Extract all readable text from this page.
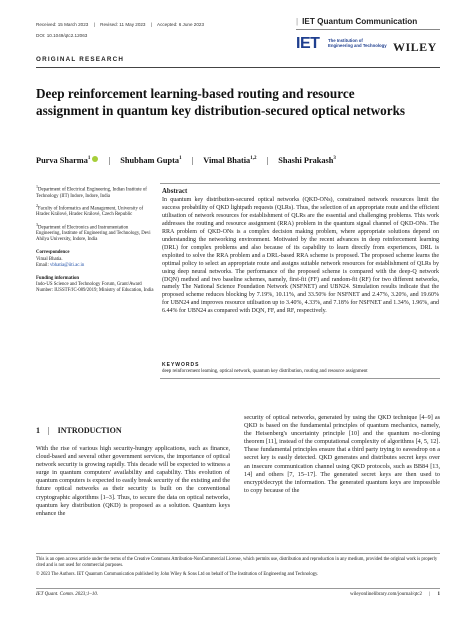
Received: 15 March 2023 | Revised: 11 May 2023 | Accepted: 6 June 2023
DOI: 10.1049/qtc2.12063
| IET Quantum Communication
IET The Institution of
Engineering and Technology WILEY
ORIGINAL RESEARCH
Deep reinforcement learning-based routing and resource assignment in quantum key distribution-secured optical networks
Purva Sharma$^1$ | Shubham Gupta$^1$ | Vimal Bhatia$^{1,2}$ | Shashi Prakash$^3$
$^1$Department of Electrical Engineering, Indian Institute of Technology (IIT) Indore, Indore, India
$^2$Faculty of Informatics and Management, University of Hradec Králové, Hradec Králové, Czech Republic
$^3$Department of Electronics and Instrumentation Engineering, Institute of Engineering and Technology, Devi Ahilya University, Indore, India
Correspondence
Vimal Bhatia.
Email: vbhatia@iiti.ac.in
Funding information
Indo-US Science and Technology Forum, Grant/Award Number: IUSSTF/JC-089/2019; Ministry of Education, India
Abstract
In quantum key distribution-secured optical networks (QKD-ONs), constrained network resources limit the success probability of QKD lightpath requests (QLRs). Thus, the selection of an appropriate route and the efficient utilisation of network resources for establishment of QLRs are the essential and challenging problems. This work addresses the routing and resource assignment (RRA) problem in the quantum signal channel of QKD-ONs. The RRA problem of QKD-ONs is a complex decision making problem, where appropriate solutions depend on understanding the networking environment. Motivated by the recent advances in deep reinforcement learning (DRL) for complex problems and also because of its capability to learn directly from experiences, DRL is exploited to solve the RRA problem and a DRL-based RRA scheme is proposed. The proposed scheme learns the optimal policy to select an appropriate route and assigns suitable network resources for establishment of QLRs by using deep neural networks. The performance of the proposed scheme is compared with the deep-Q network (DQN) method and two baseline schemes, namely, first-fit (FF) and random-fit (RF) for two different networks, namely The National Science Foundation Network (NSFNET) and UBN24. Simulation results indicate that the proposed scheme reduces blocking by 7.19%, 10.11%, and 33.50% for NSFNET and 2.47%, 3.20%, and 19.60% for UBN24 and improves resource utilisation up to 3.40%, 4.33%, and 7.18% for NSFNET and 1.34%, 1.96%, and 6.44% for UBN24 as compared with DQN, FF, and RF, respectively.
KEYWORDS
deep reinforcement learning, optical network, quantum key distribution, routing and resource assignment
1 | INTRODUCTION
With the rise of various high security-hungry applications, such as finance, cloud-based and several other government services, the importance of optical network security is growing rapidly. This decade will be expected to witness a surge in quantum computers' availability and capability. This evolution of quantum computers is expected to easily break security of the existing and the future optical networks as their security is built on the conventional cryptographic algorithms [1–3]. Thus, to secure the data on optical networks, quantum key distribution (QKD) is proposed as a solution. Quantum keys enhance the
security of optical networks, generated by using the QKD technique [4–9] as QKD is based on the fundamental principles of quantum mechanics, namely, the Heisenberg's uncertainty principle [10] and the quantum no-cloning theorem [11], instead of the computational complexity of algorithms [4, 5, 12]. These fundamental principles ensure that a third party trying to eavesdrop on a secret key is easily detected. QKD generates and distributes secret keys over an insecure communication channel using QKD protocols, such as BB84 [13, 14] and others [7, 15–17]. The generated secret keys are then used to encrypt/decrypt the information. The generated quantum keys are impossible to copy because of the
This is an open access article under the terms of the Creative Commons Attribution-NonCommercial License, which permits use, distribution and reproduction in any medium, provided the original work is properly cited and is not used for commercial purposes.
© 2023 The Authors. IET Quantum Communication published by John Wiley & Sons Ltd on behalf of The Institution of Engineering and Technology.
IET Quant. Comm. 2023;1–10.	wileyonlinelibrary.com/journal/qtc2 | 1
